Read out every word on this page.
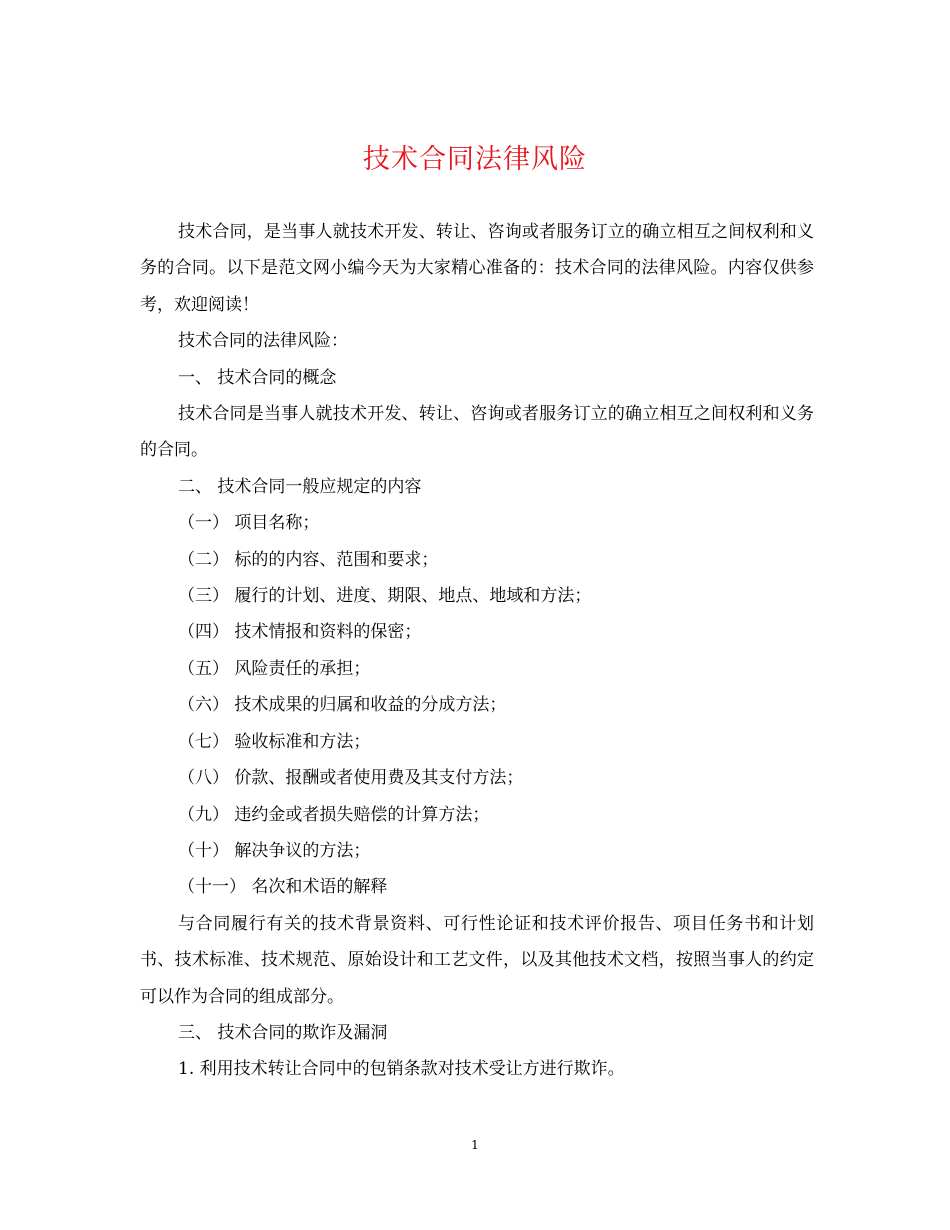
技术合同法律风险

技术合同，是当事人就技术开发、转让、咨询或者服务订立的确立相互之间权利和义务的合同。以下是范文网小编今天为大家精心准备的：技术合同的法律风险。内容仅供参考，欢迎阅读！

技术合同的法律风险：

一、 技术合同的概念

技术合同是当事人就技术开发、转让、咨询或者服务订立的确立相互之间权利和义务的合同。

二、 技术合同一般应规定的内容

（一） 项目名称；

（二） 标的的内容、范围和要求；

（三） 履行的计划、进度、期限、地点、地域和方法；

（四） 技术情报和资料的保密；

（五） 风险责任的承担；

（六） 技术成果的归属和收益的分成方法；

（七） 验收标准和方法；

（八） 价款、报酬或者使用费及其支付方法；

（九） 违约金或者损失赔偿的计算方法；

（十） 解决争议的方法；

（十一） 名次和术语的解释

与合同履行有关的技术背景资料、可行性论证和技术评价报告、项目任务书和计划书、技术标准、技术规范、原始设计和工艺文件，以及其他技术文档，按照当事人的约定可以作为合同的组成部分。

三、 技术合同的欺诈及漏洞

1. 利用技术转让合同中的包销条款对技术受让方进行欺诈。

1
